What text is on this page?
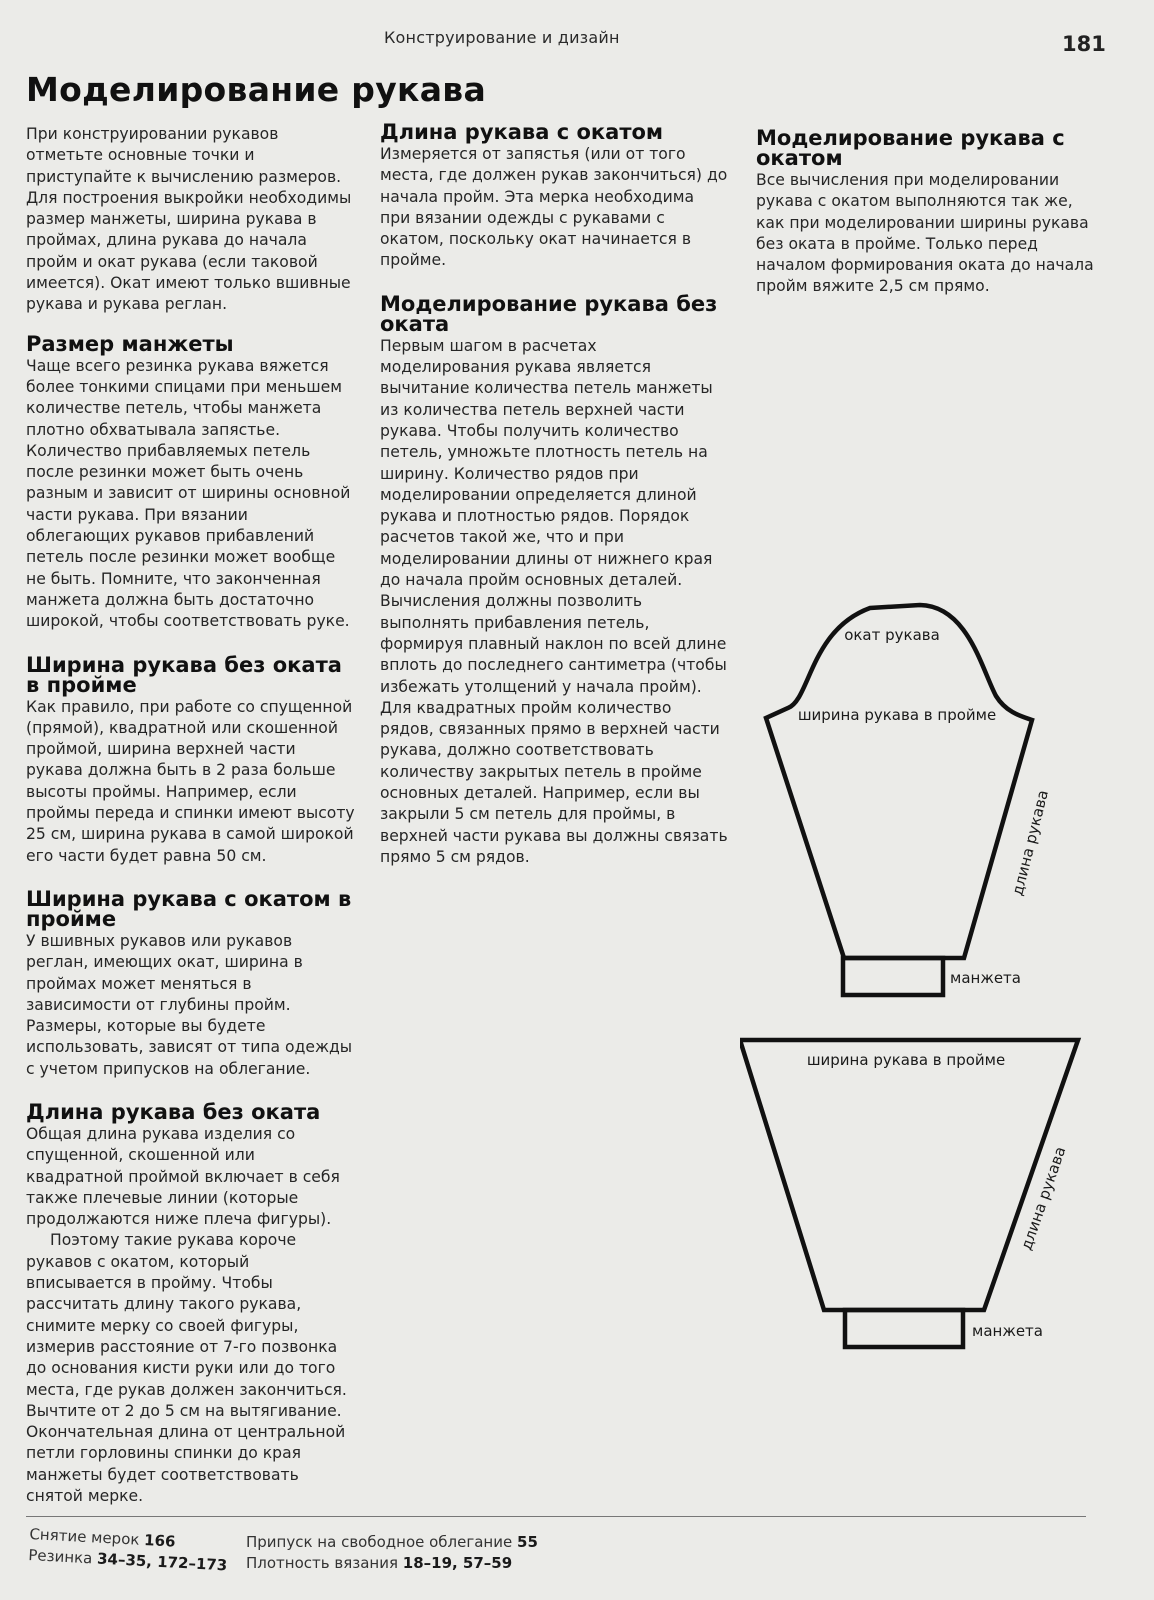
Конструирование и дизайн	181
Моделирование рукава

При конструировании рукавов отметьте основные точки и приступайте к вычислению размеров. Для построения выкройки необходимы размер манжеты, ширина рукава в проймах, длина рукава до начала пройм и окат рукава (если таковой имеется). Окат имеют только вшивные рукава и рукава реглан.

Размер манжеты

Чаще всего резинка рукава вяжется более тонкими спицами при меньшем количестве петель, чтобы манжета плотно обхватывала запястье. Количество прибавляемых петель после резинки может быть очень разным и зависит от ширины основной части рукава. При вязании облегающих рукавов прибавлений петель после резинки может вообще не быть. Помните, что законченная манжета должна быть достаточно широкой, чтобы соответствовать руке.

Ширина рукава без оката в пройме

Как правило, при работе со спущенной (прямой), квадратной или скошенной проймой, ширина верхней части рукава должна быть в 2 раза больше высоты проймы. Например, если проймы переда и спинки имеют высоту 25 см, ширина рукава в самой широкой его части будет равна 50 см.

Ширина рукава с окатом в пройме

У вшивных рукавов или рукавов реглан, имеющих окат, ширина в проймах может меняться в зависимости от глубины пройм. Размеры, которые вы будете использовать, зависят от типа одежды с учетом припусков на облегание.

Длина рукава без оката

Общая длина рукава изделия со спущенной, скошенной или квадратной проймой включает в себя также плечевые линии (которые продолжаются ниже плеча фигуры).

Поэтому такие рукава короче рукавов с окатом, который вписывается в пройму. Чтобы рассчитать длину такого рукава, снимите мерку со своей фигуры, измерив расстояние от 7-го позвонка до основания кисти руки или до того места, где рукав должен закончиться. Вычтите от 2 до 5 см на вытягивание. Окончательная длина от центральной петли горловины спинки до края манжеты будет соответствовать снятой мерке.

Длина рукава с окатом

Измеряется от запястья (или от того места, где должен рукав закончиться) до начала пройм. Эта мерка необходима при вязании одежды с рукавами с окатом, поскольку окат начинается в пройме.

Моделирование рукава без оката

Первым шагом в расчетах моделирования рукава является вычитание количества петель манжеты из количества петель верхней части рукава. Чтобы получить количество петель, умножьте плотность петель на ширину. Количество рядов при моделировании определяется длиной рукава и плотностью рядов. Порядок расчетов такой же, что и при моделировании длины от нижнего края до начала пройм основных деталей. Вычисления должны позволить выполнять прибавления петель, формируя плавный наклон по всей длине вплоть до последнего сантиметра (чтобы избежать утолщений у начала пройм). Для квадратных пройм количество рядов, связанных прямо в верхней части рукава, должно соответствовать количеству закрытых петель в пройме основных деталей. Например, если вы закрыли 5 см петель для проймы, в верхней части рукава вы должны связать прямо 5 см рядов.

Моделирование рукава с окатом

Все вычисления при моделировании рукава с окатом выполняются так же, как при моделировании ширины рукава без оката в пройме. Только перед началом формирования оката до начала пройм вяжите 2,5 см прямо.

окат рукава
ширина рукава в пройме
длина рукава
манжета
ширина рукава в пройме
длина рукава
манжета
Снятие мерок 166
Резинка 34–35, 172–173
Припуск на свободное облегание 55
Плотность вязания 18–19, 57–59
